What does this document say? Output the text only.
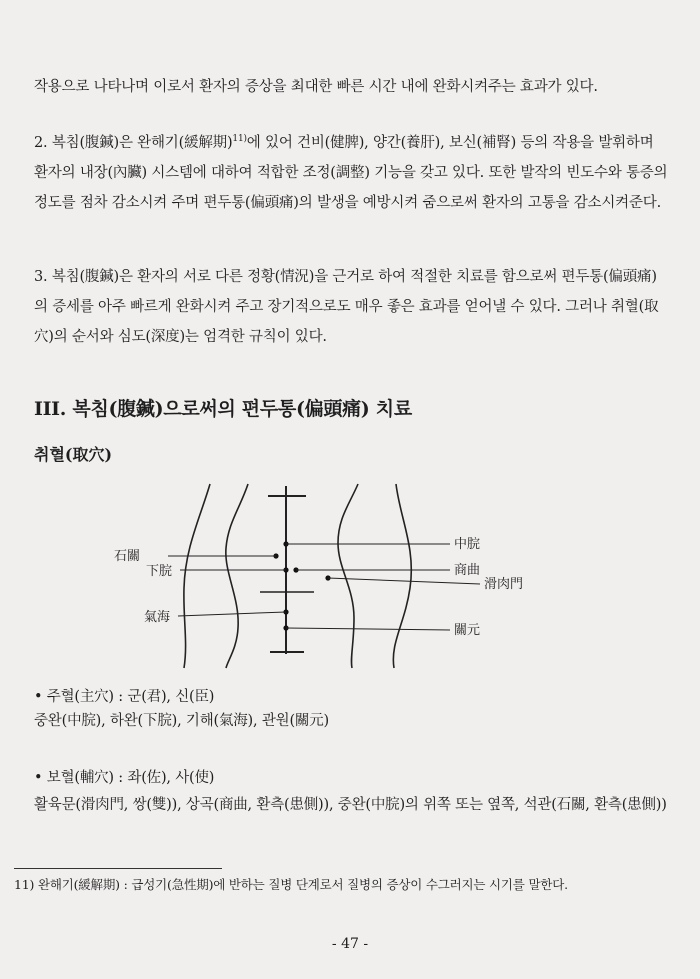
작용으로 나타나며 이로서 환자의 증상을 최대한 빠른 시간 내에 완화시켜주는 효과가 있다.

2. 복침(腹鍼)은 완해기(緩解期)$^{11)}$에 있어 건비(健脾), 양간(養肝), 보신(補腎) 등의 작용을 발휘하며 환자의 내장(內臟) 시스템에 대하여 적합한 조정(調整) 기능을 갖고 있다. 또한 발작의 빈도수와 통증의 정도를 점차 감소시켜 주며 편두통(偏頭痛)의 발생을 예방시켜 줌으로써 환자의 고통을 감소시켜준다.

3. 복침(腹鍼)은 환자의 서로 다른 정황(情況)을 근거로 하여 적절한 치료를 함으로써 편두통(偏頭痛)의 증세를 아주 빠르게 완화시켜 주고 장기적으로도 매우 좋은 효과를 얻어낼 수 있다. 그러나 취혈(取穴)의 순서와 심도(深度)는 엄격한 규칙이 있다.

III. 복침(腹鍼)으로써의 편두통(偏頭痛) 치료
취혈(取穴)
石關
下脘
氣海
中脘
商曲
滑肉門
關元

• 주혈(主穴) : 군(君), 신(臣)

중완(中脘), 하완(下脘), 기해(氣海), 관원(關元)

• 보혈(輔穴) : 좌(佐), 사(使)

활육문(滑肉門, 쌍(雙)), 상곡(商曲, 환측(患側)), 중완(中脘)의 위쪽 또는 옆쪽, 석관(石關, 환측(患側))

11) 완해기(緩解期) : 급성기(急性期)에 반하는 질병 단계로서 질병의 증상이 수그러지는 시기를 말한다.

- 47 -
